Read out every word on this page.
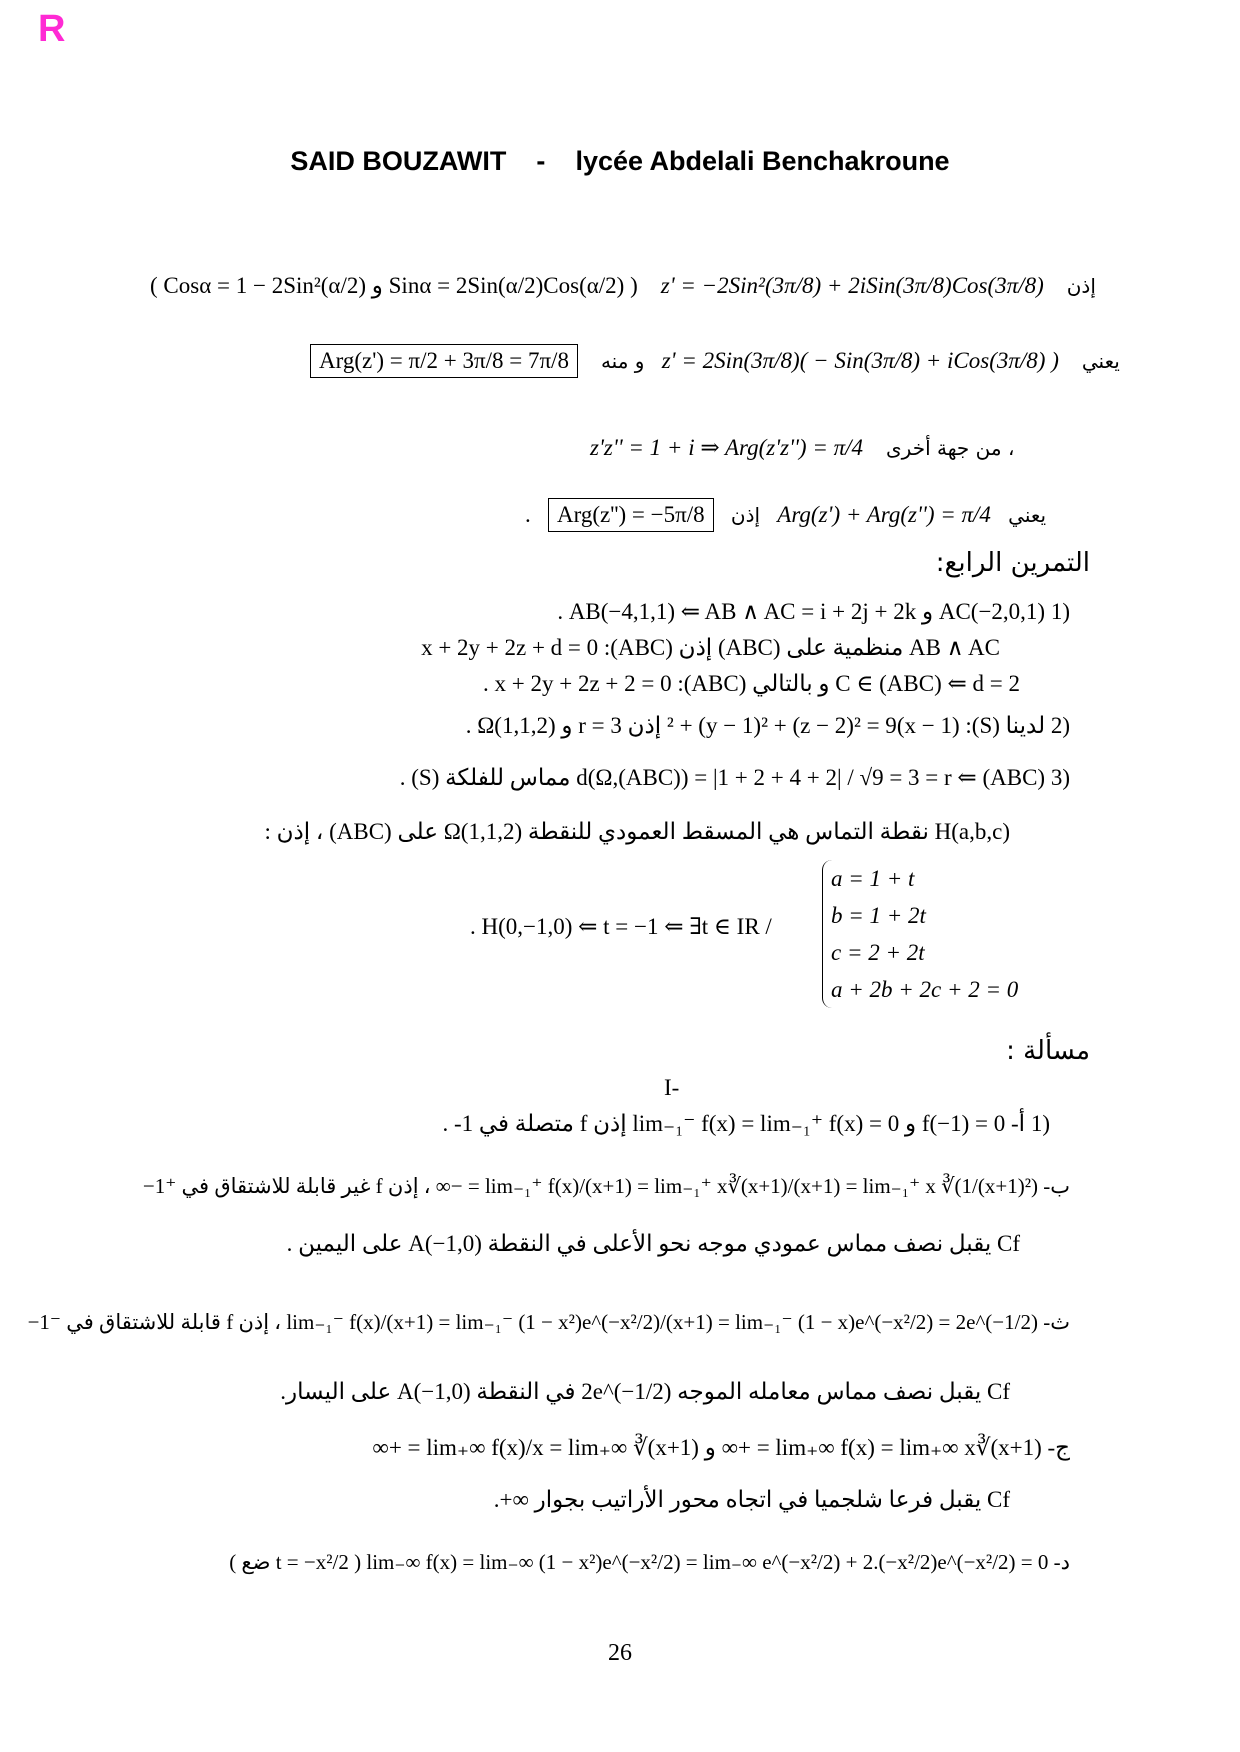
R
SAID BOUZAWIT - lycée Abdelali Benchakroune
( Cosα = 1 − 2Sin²(α/2) و Sinα = 2Sin(α/2)Cos(α/2) ) z' = −2Sin²(3π/8) + 2iSin(3π/8)Cos(3π/8) إذن
Arg(z') = π/2 + 3π/8 = 7π/8 و منه z' = 2Sin(3π/8)( − Sin(3π/8) + iCos(3π/8) ) يعني
z'z'' = 1 + i ⇒ Arg(z'z'') = π/4 من جهة أخرى ،
. Arg(z'') = −5π/8 إذن Arg(z') + Arg(z'') = π/4 يعني
التمرين الرابع:
(1 AC(−2,0,1) و AB(−4,1,1) ⇐ AB ∧ AC = i + 2j + 2k .
AB ∧ AC منظمية على (ABC) إذن (ABC): x + 2y + 2z + d = 0
C ∈ (ABC) ⇐ d = 2 و بالتالي (ABC): x + 2y + 2z + 2 = 0 .
(2 لدينا (S): (x − 1)² + (y − 1)² + (z − 2)² = 9 إذن r = 3 و Ω(1,1,2) .
(3 d(Ω,(ABC)) = |1 + 2 + 4 + 2| / √9 = 3 = r ⇐ (ABC) مماس للفلكة (S) .
H(a,b,c) نقطة التماس هي المسقط العمودي للنقطة Ω(1,1,2) على (ABC) ، إذن :
. H(0,−1,0) ⇐ t = −1 ⇐ ∃t ∈ IR /
a = 1 + t
b = 1 + 2t
c = 2 + 2t
a + 2b + 2c + 2 = 0
مسألة :
I-
(1 أ- f(−1) = 0 و lim₋₁⁻ f(x) = lim₋₁⁺ f(x) = 0 إذن f متصلة في 1- .
ب- lim₋₁⁺ f(x)/(x+1) = lim₋₁⁺ x∛(x+1)/(x+1) = lim₋₁⁺ x ∛(1/(x+1)²) = −∞ ، إذن f غير قابلة للاشتقاق في ⁺1−
Cf يقبل نصف مماس عمودي موجه نحو الأعلى في النقطة A(−1,0) على اليمين .
ث- lim₋₁⁻ f(x)/(x+1) = lim₋₁⁻ (1 − x²)e^(−x²/2)/(x+1) = lim₋₁⁻ (1 − x)e^(−x²/2) = 2e^(−1/2) ، إذن f قابلة للاشتقاق في ⁻1−
Cf يقبل نصف مماس معامله الموجه 2e^(−1/2) في النقطة A(−1,0) على اليسار.
ج- lim₊∞ f(x) = lim₊∞ x∛(x+1) = +∞ و lim₊∞ f(x)/x = lim₊∞ ∛(x+1) = +∞
Cf يقبل فرعا شلجميا في اتجاه محور الأراتيب بجوار ∞+.
د- lim₋∞ f(x) = lim₋∞ (1 − x²)e^(−x²/2) = lim₋∞ e^(−x²/2) + 2.(−x²/2)e^(−x²/2) = 0 ( t = −x²/2 ضع )
26
